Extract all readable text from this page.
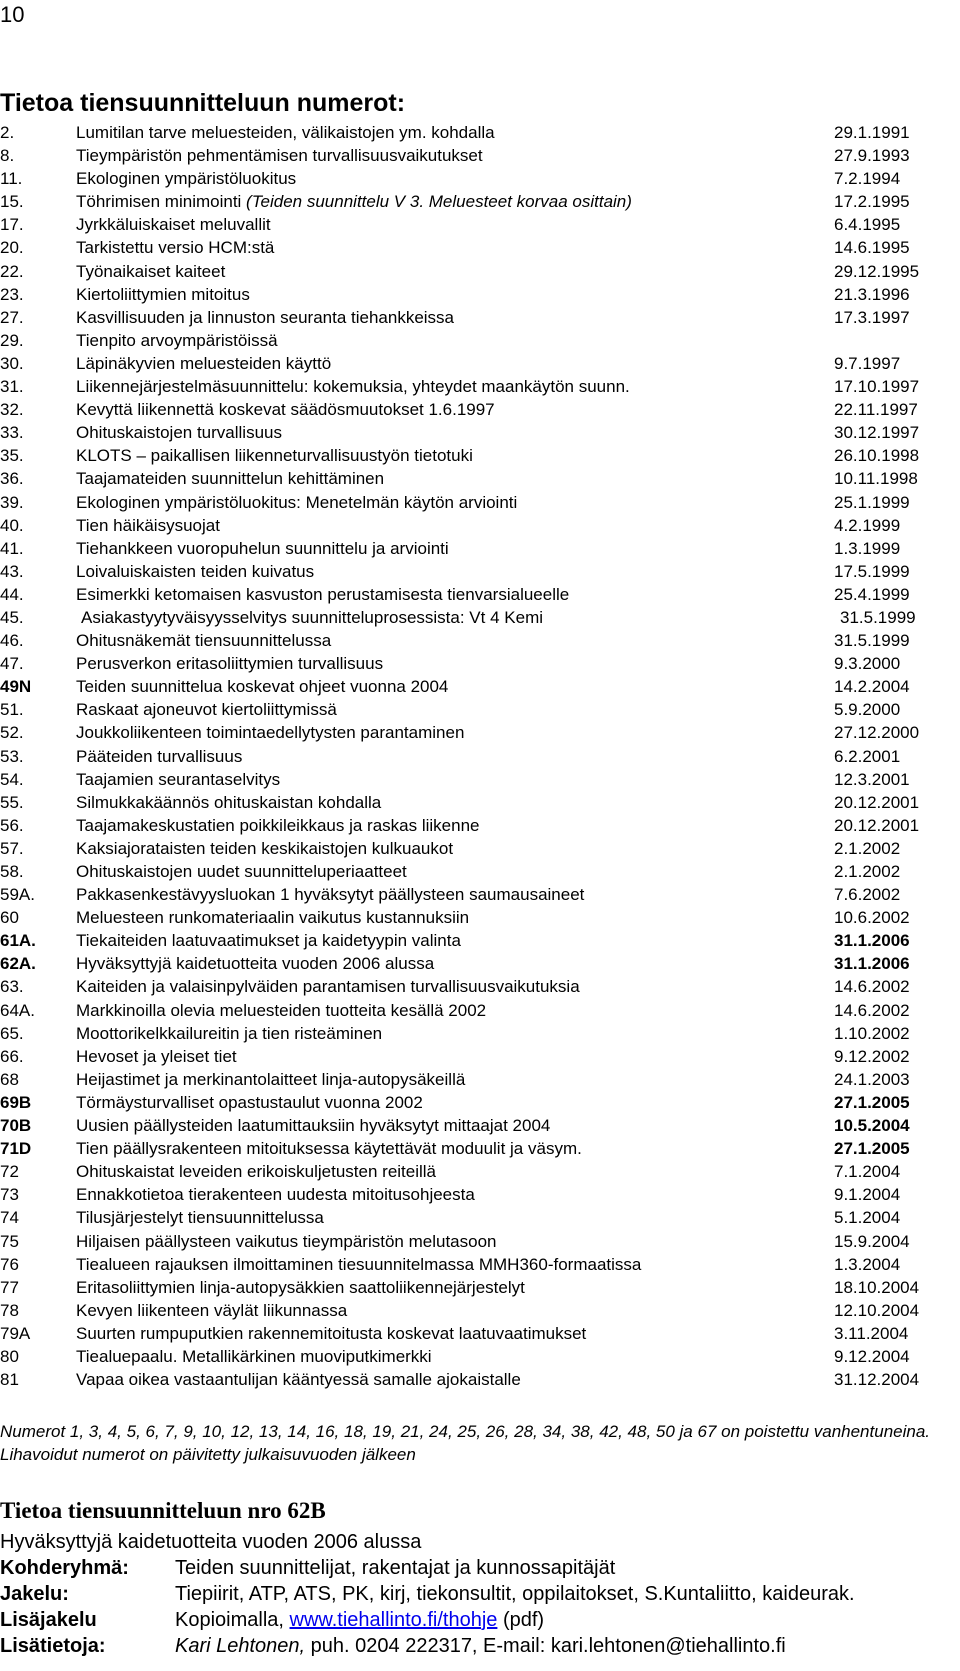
10
Tietoa tiensuunnitteluun numerot:
2.	Lumitilan tarve meluesteiden, välikaistojen ym. kohdalla	29.1.1991
8.	Tieympäristön pehmentämisen turvallisuusvaikutukset	27.9.1993
11.	Ekologinen ympäristöluokitus	7.2.1994
15.	Töhrimisen minimointi (Teiden suunnittelu V 3. Meluesteet korvaa osittain)	17.2.1995
17.	Jyrkkäluiskaiset meluvallit	6.4.1995
20.	Tarkistettu versio HCM:stä	14.6.1995
22.	Työnaikaiset kaiteet	29.12.1995
23.	Kiertoliittymien mitoitus	21.3.1996
27.	Kasvillisuuden ja linnuston seuranta tiehankkeissa	17.3.1997
29.	Tienpito arvoympäristöissä
30.	Läpinäkyvien meluesteiden käyttö	9.7.1997
31.	Liikennejärjestelmäsuunnittelu: kokemuksia, yhteydet maankäytön suunn.	17.10.1997
32.	Kevyttä liikennettä koskevat säädösmuutokset 1.6.1997	22.11.1997
33.	Ohituskaistojen turvallisuus	30.12.1997
35.	KLOTS – paikallisen liikenneturvallisuustyön tietotuki	26.10.1998
36.	Taajamateiden suunnittelun kehittäminen	10.11.1998
39.	Ekologinen ympäristöluokitus: Menetelmän käytön arviointi	25.1.1999
40.	Tien häikäisysuojat	4.2.1999
41.	Tiehankkeen vuoropuhelun suunnittelu ja arviointi	1.3.1999
43.	Loivaluiskaisten teiden kuivatus	17.5.1999
44.	Esimerkki ketomaisen kasvuston perustamisesta tienvarsialueelle	25.4.1999
45.	Asiakastyytyväisyysselvitys suunnitteluprosessista: Vt 4 Kemi	31.5.1999
46.	Ohitusnäkemät tiensuunnittelussa	31.5.1999
47.	Perusverkon eritasoliittymien turvallisuus	9.3.2000
49N	Teiden suunnittelua koskevat ohjeet vuonna 2004	14.2.2004
51.	Raskaat ajoneuvot kiertoliittymissä	5.9.2000
52.	Joukkoliikenteen toimintaedellytysten parantaminen	27.12.2000
53.	Pääteiden turvallisuus	6.2.2001
54.	Taajamien seurantaselvitys	12.3.2001
55.	Silmukkakäännös ohituskaistan kohdalla	20.12.2001
56.	Taajamakeskustatien poikkileikkaus ja raskas liikenne	20.12.2001
57.	Kaksiajorataisten teiden keskikaistojen kulkuaukot	2.1.2002
58.	Ohituskaistojen uudet suunnitteluperiaatteet	2.1.2002
59A. Pakkasenkestävyysluokan 1 hyväksytyt päällysteen saumausaineet	7.6.2002
60	Meluesteen runkomateriaalin vaikutus kustannuksiin	10.6.2002
61A. Tiekaiteiden laatuvaatimukset ja kaidetyypin valinta	31.1.2006
62A. Hyväksyttyjä kaidetuotteita vuoden 2006 alussa	31.1.2006
63.	Kaiteiden ja valaisinpylväiden parantamisen turvallisuusvaikutuksia	14.6.2002
64A. Markkinoilla olevia meluesteiden tuotteita kesällä 2002	14.6.2002
65.	Moottorikelkkailureitin ja tien risteäminen	1.10.2002
66.	Hevoset ja yleiset tiet	9.12.2002
68	Heijastimet ja merkinantolaitteet linja-autopysäkeillä	24.1.2003
69B	Törmäysturvalliset opastustaulut vuonna 2002	27.1.2005
70B	Uusien päällysteiden laatumittauksiin hyväksytyt mittaajat 2004	10.5.2004
71D	Tien päällysrakenteen mitoituksessa käytettävät moduulit ja väsym.	27.1.2005
72	Ohituskaistat leveiden erikoiskuljetusten reiteillä	7.1.2004
73	Ennakkotietoa tierakenteen uudesta mitoitusohjeesta	9.1.2004
74	Tilusjärjestelyt tiensuunnittelussa	5.1.2004
75	Hiljaisen päällysteen vaikutus tieympäristön melutasoon	15.9.2004
76	Tiealueen rajauksen ilmoittaminen tiesuunnitelmassa MMH360-formaatissa	1.3.2004
77	Eritasoliittymien linja-autopysäkkien saattoliikennejärjestelyt	18.10.2004
78	Kevyen liikenteen väylät liikunnassa	12.10.2004
79A	Suurten rumpuputkien rakennemitoitusta koskevat laatuvaatimukset	3.11.2004
80	Tiealuepaalu. Metallikärkinen muoviputkimerkki	9.12.2004
81	Vapaa oikea vastaantulijan kääntyessä samalle ajokaistalle	31.12.2004
Numerot 1, 3, 4, 5, 6, 7, 9, 10, 12, 13, 14, 16, 18, 19, 21, 24, 25, 26, 28, 34, 38, 42, 48, 50 ja 67 on poistettu vanhentuneina. Lihavoidut numerot on päivitetty julkaisuvuoden jälkeen
Tietoa tiensuunnitteluun nro 62B
Hyväksyttyjä kaidetuotteita vuoden 2006 alussa
Kohderyhmä: Teiden suunnittelijat, rakentajat ja kunnossapitäjät
Jakelu:	Tiepiirit, ATP, ATS, PK, kirj, tiekonsultit, oppilaitokset, S.Kuntaliitto, kaideurak.
Lisäjakelu	Kopioimalla, www.tiehallinto.fi/thohje (pdf)
Lisätietoja:	Kari Lehtonen, puh. 0204 222317, E-mail: kari.lehtonen@tiehallinto.fi
